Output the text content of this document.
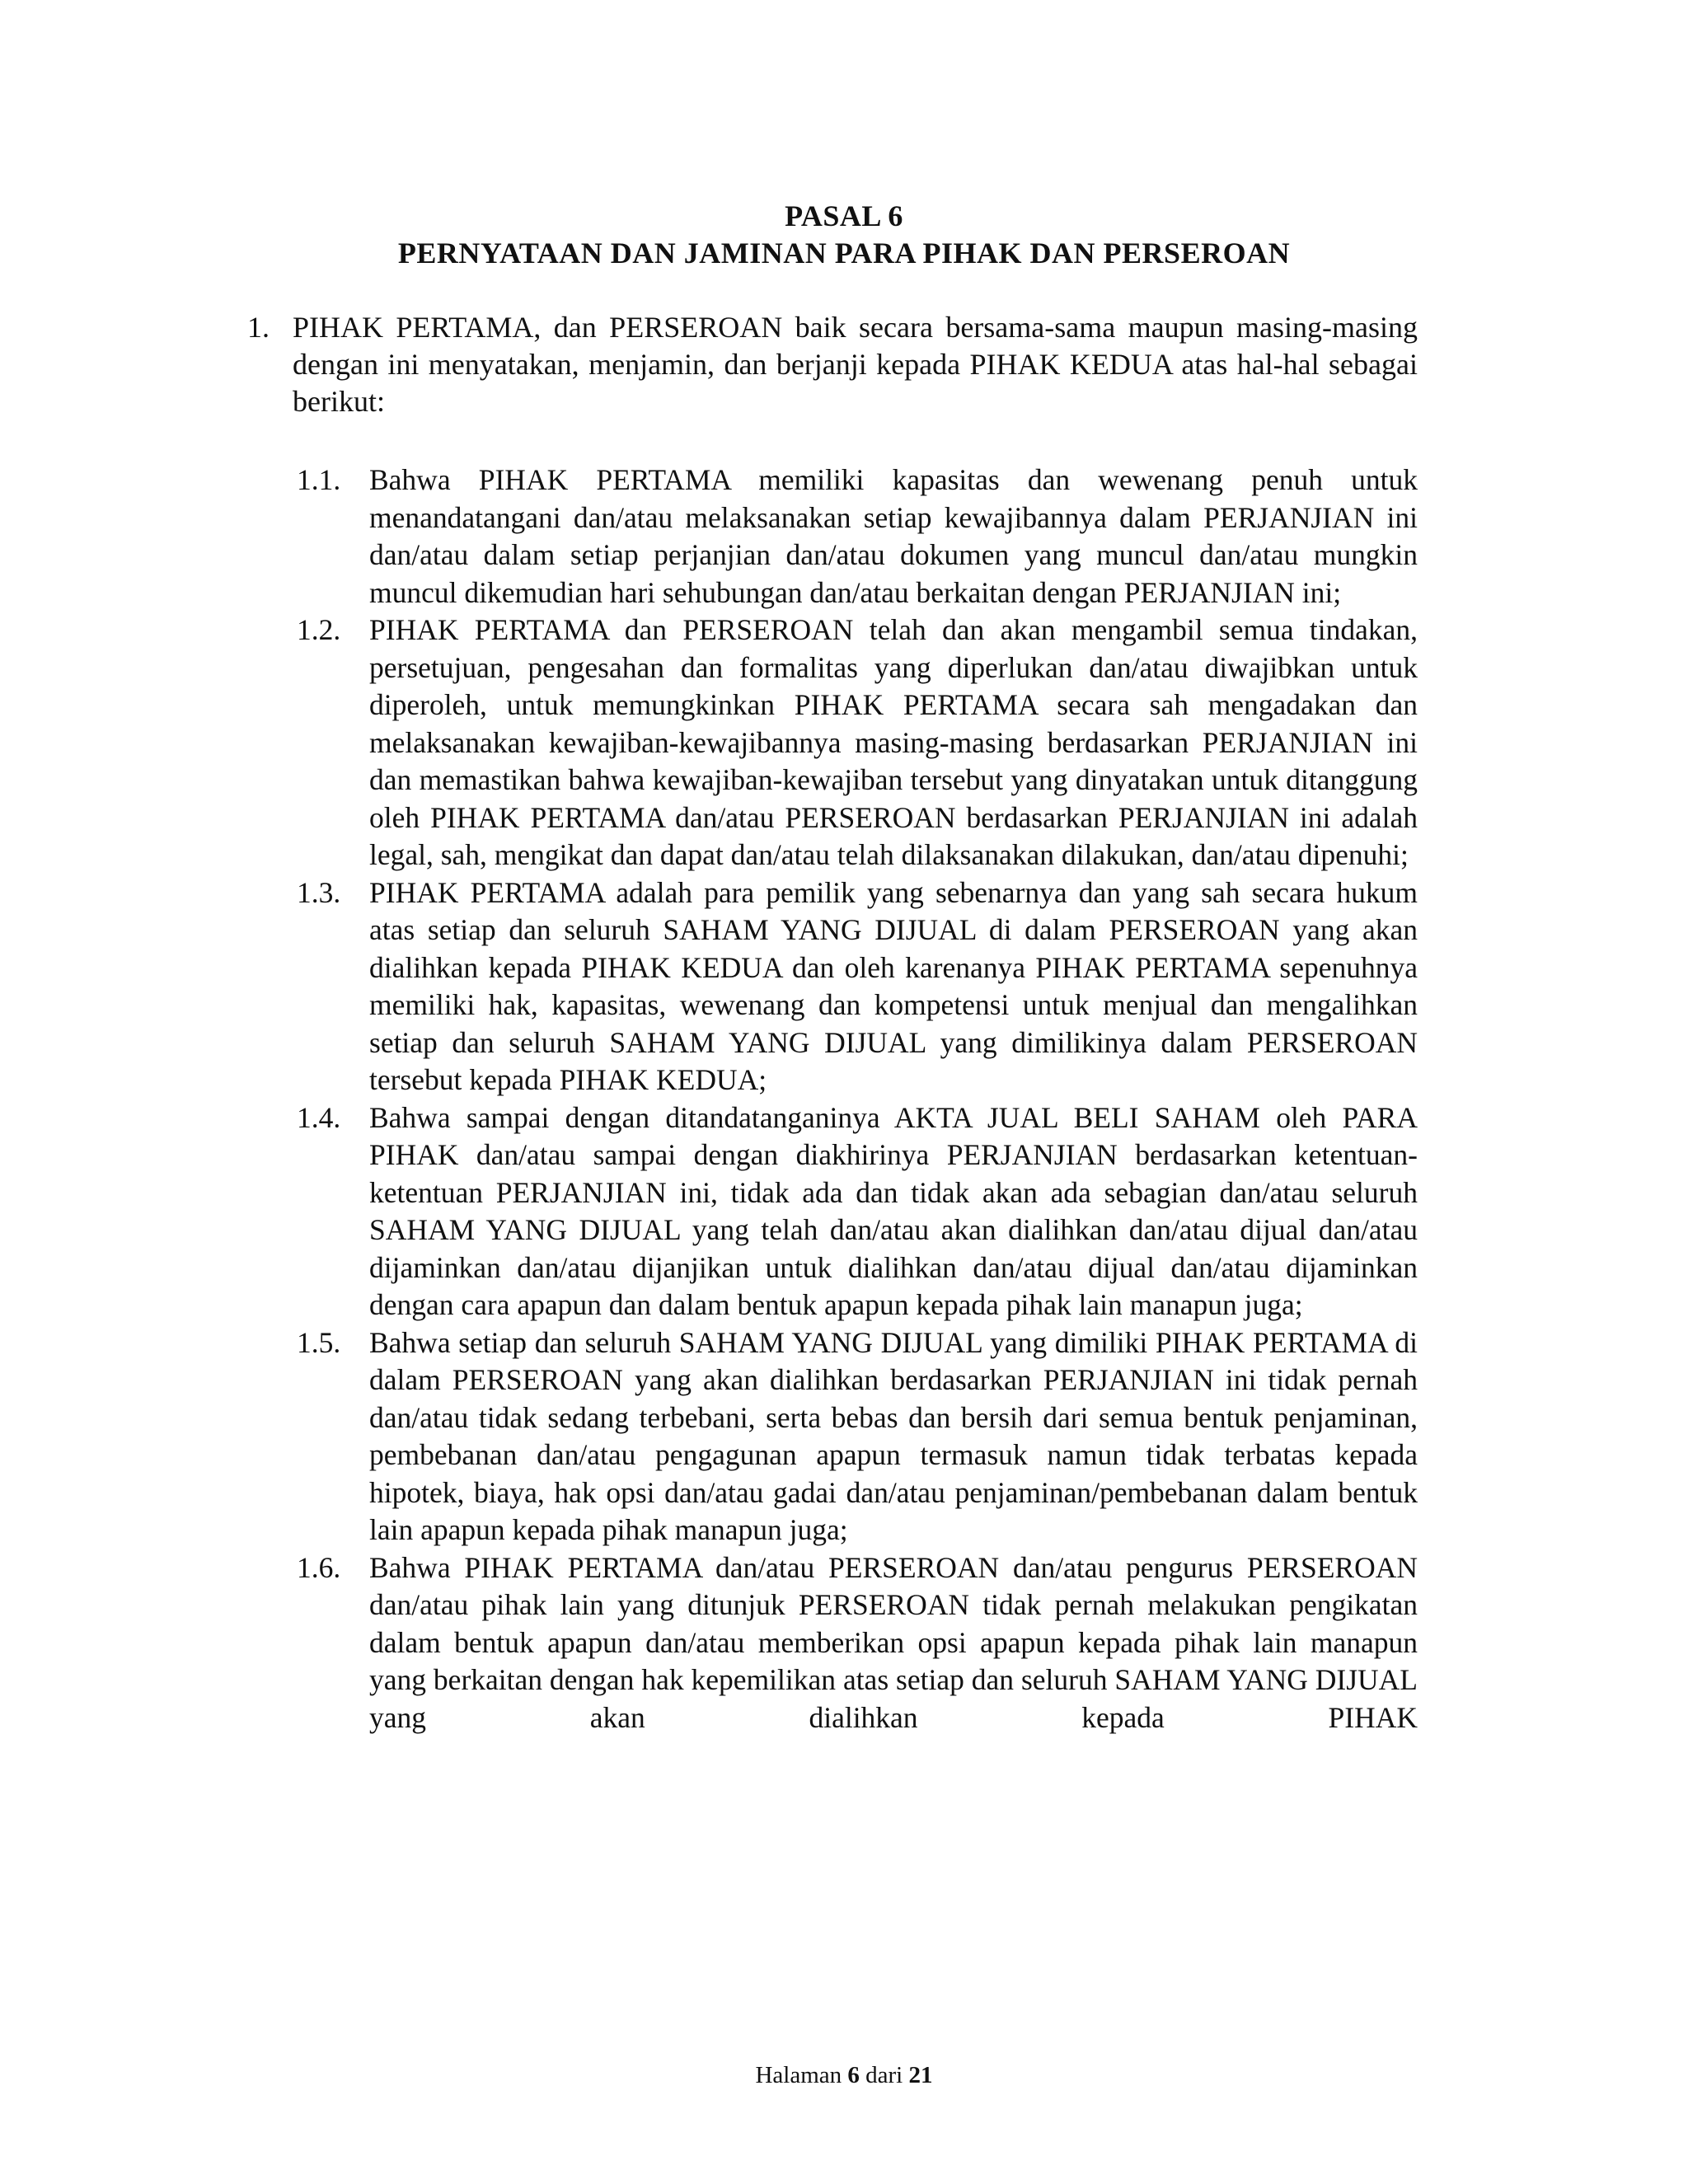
PASAL 6
PERNYATAAN DAN JAMINAN PARA PIHAK DAN PERSEROAN
1. PIHAK PERTAMA, dan PERSEROAN baik secara bersama-sama maupun masing-masing dengan ini menyatakan, menjamin, dan berjanji kepada PIHAK KEDUA atas hal-hal sebagai berikut:
1.1. Bahwa PIHAK PERTAMA memiliki kapasitas dan wewenang penuh untuk menandatangani dan/atau melaksanakan setiap kewajibannya dalam PERJANJIAN ini dan/atau dalam setiap perjanjian dan/atau dokumen yang muncul dan/atau mungkin muncul dikemudian hari sehubungan dan/atau berkaitan dengan PERJANJIAN ini;
1.2. PIHAK PERTAMA dan PERSEROAN telah dan akan mengambil semua tindakan, persetujuan, pengesahan dan formalitas yang diperlukan dan/atau diwajibkan untuk diperoleh, untuk memungkinkan PIHAK PERTAMA secara sah mengadakan dan melaksanakan kewajiban-kewajibannya masing-masing berdasarkan PERJANJIAN ini dan memastikan bahwa kewajiban-kewajiban tersebut yang dinyatakan untuk ditanggung oleh PIHAK PERTAMA dan/atau PERSEROAN berdasarkan PERJANJIAN ini adalah legal, sah, mengikat dan dapat dan/atau telah dilaksanakan dilakukan, dan/atau dipenuhi;
1.3. PIHAK PERTAMA adalah para pemilik yang sebenarnya dan yang sah secara hukum atas setiap dan seluruh SAHAM YANG DIJUAL di dalam PERSEROAN yang akan dialihkan kepada PIHAK KEDUA dan oleh karenanya PIHAK PERTAMA sepenuhnya memiliki hak, kapasitas, wewenang dan kompetensi untuk menjual dan mengalihkan setiap dan seluruh SAHAM YANG DIJUAL yang dimilikinya dalam PERSEROAN tersebut kepada PIHAK KEDUA;
1.4. Bahwa sampai dengan ditandatanganinya AKTA JUAL BELI SAHAM oleh PARA PIHAK dan/atau sampai dengan diakhirinya PERJANJIAN berdasarkan ketentuan-ketentuan PERJANJIAN ini, tidak ada dan tidak akan ada sebagian dan/atau seluruh SAHAM YANG DIJUAL yang telah dan/atau akan dialihkan dan/atau dijual dan/atau dijaminkan dan/atau dijanjikan untuk dialihkan dan/atau dijual dan/atau dijaminkan dengan cara apapun dan dalam bentuk apapun kepada pihak lain manapun juga;
1.5. Bahwa setiap dan seluruh SAHAM YANG DIJUAL yang dimiliki PIHAK PERTAMA di dalam PERSEROAN yang akan dialihkan berdasarkan PERJANJIAN ini tidak pernah dan/atau tidak sedang terbebani, serta bebas dan bersih dari semua bentuk penjaminan, pembebanan dan/atau pengagunan apapun termasuk namun tidak terbatas kepada hipotek, biaya, hak opsi dan/atau gadai dan/atau penjaminan/pembebanan dalam bentuk lain apapun kepada pihak manapun juga;
1.6. Bahwa PIHAK PERTAMA dan/atau PERSEROAN dan/atau pengurus PERSEROAN dan/atau pihak lain yang ditunjuk PERSEROAN tidak pernah melakukan pengikatan dalam bentuk apapun dan/atau memberikan opsi apapun kepada pihak lain manapun yang berkaitan dengan hak kepemilikan atas setiap dan seluruh SAHAM YANG DIJUAL yang akan dialihkan kepada PIHAK
Halaman 6 dari 21
